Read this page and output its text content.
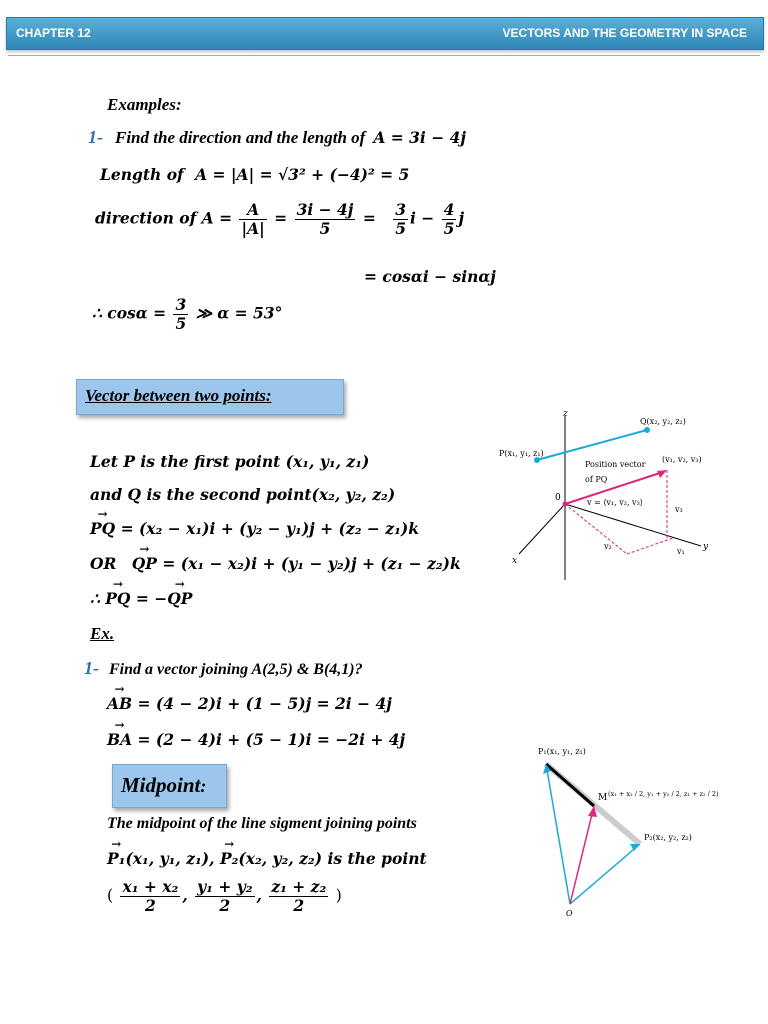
CHAPTER 12	VECTORS AND THE GEOMETRY IN SPACE
Examples:
1- Find the direction and the length of A = 3i − 4j
Length of A = |A| = √3² + (−4)² = 5
direction of $A = \frac{A}{|A|} = \frac{3i - 4j}{5} = \frac{3}{5}$ $i - \frac{4}{5}$ j
= cosαi − sinαj
∴ $\cos\alpha = \frac{3}{5}$ ≫ α = 53°
Vector between two points:
Let P is the first point (x₁, y₁, z₁)
and Q is the second point(x₂, y₂, z₂)
→ PQ = (x₂ − x₁)i + (y₂ − y₁)j + (z₂ − z₁)k
OR → QP = (x₁ − x₂)i + (y₁ − y₂)j + (z₁ − z₂)k
∴ → PQ = −→ QP
z
y
x
0
P(x₁, y₁, z₁)
Q(x₂, y₂, z₂)
Position vector
of PQ
(v₁, v₂, v₃)
v = ⟨v₁, v₂, v₃⟩
v₃
v₂
v₁
Ex.
1- Find a vector joining A(2,5) & B(4,1)?
→ AB = (4 − 2)i + (1 − 5)j = 2i − 4j
→ BA = (2 − 4)i + (5 − 1)i = −2i + 4j
Midpoint:
The midpoint of the line sigment joining points
→ P₁(x₁, y₁, z₁), → P₂(x₂, y₂, z₂) is the point
( $\frac{\text{x₁ + x₂}}{2}$ , $\frac{\text{y₁ + y₂}}{2}$ , $\frac{\text{z₁ + z₂}}{2}$ )
P₁(x₁, y₁, z₁)
P₂(x₂, y₂, z₂)
M (x₁ + x₂ / 2, y₁ + y₂ / 2, z₁ + z₂ / 2)
O
